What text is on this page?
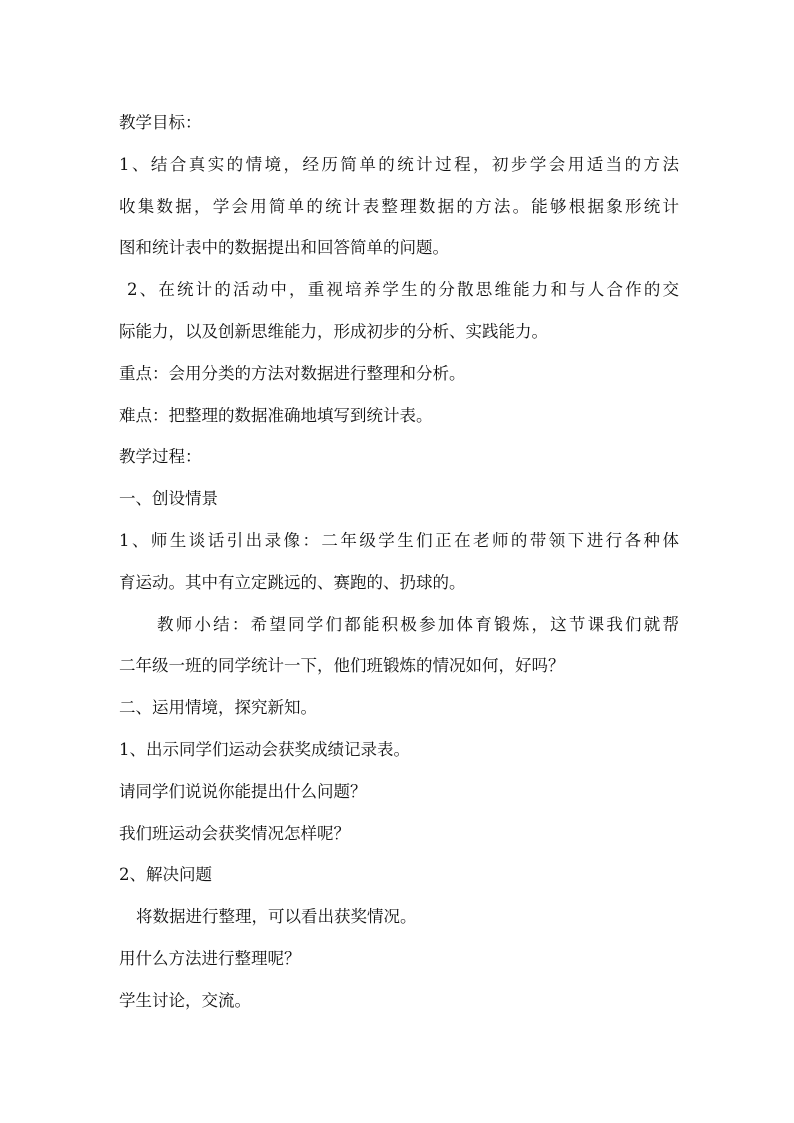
教学目标：

1、结合真实的情境，经历简单的统计过程，初步学会用适当的方法

收集数据，学会用简单的统计表整理数据的方法。能够根据象形统计

图和统计表中的数据提出和回答简单的问题。

2、在统计的活动中，重视培养学生的分散思维能力和与人合作的交

际能力，以及创新思维能力，形成初步的分析、实践能力。

重点：会用分类的方法对数据进行整理和分析。

难点：把整理的数据准确地填写到统计表。

教学过程：

一、创设情景

1、师生谈话引出录像：二年级学生们正在老师的带领下进行各种体

育运动。其中有立定跳远的、赛跑的、扔球的。

教师小结：希望同学们都能积极参加体育锻炼，这节课我们就帮

二年级一班的同学统计一下，他们班锻炼的情况如何，好吗？

二、运用情境，探究新知。

1、出示同学们运动会获奖成绩记录表。

请同学们说说你能提出什么问题？

我们班运动会获奖情况怎样呢？

2、解决问题

将数据进行整理，可以看出获奖情况。

用什么方法进行整理呢？

学生讨论，交流。
